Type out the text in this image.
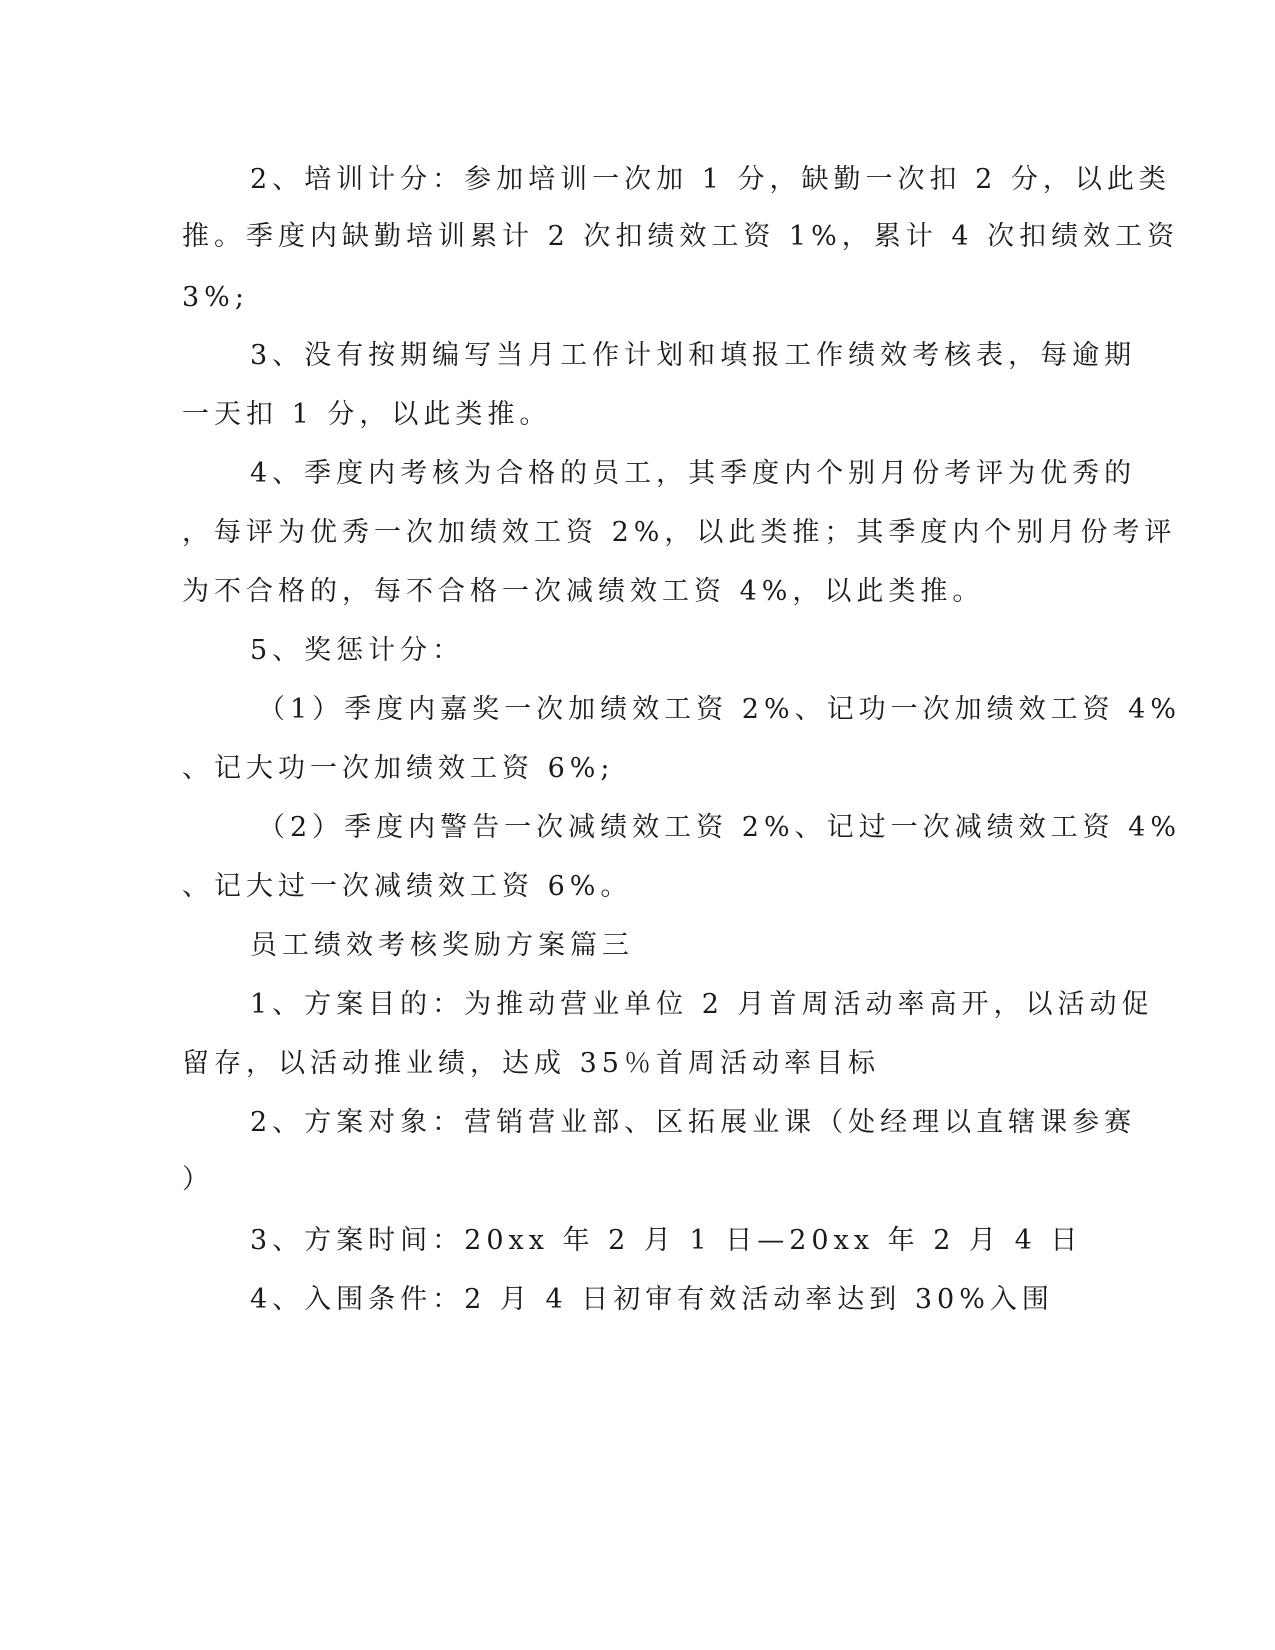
2、培训计分：参加培训一次加 1 分，缺勤一次扣 2 分，以此类
推。季度内缺勤培训累计 2 次扣绩效工资 1%，累计 4 次扣绩效工资
3%;
3、没有按期编写当月工作计划和填报工作绩效考核表，每逾期
一天扣 1 分，以此类推。
4、季度内考核为合格的员工，其季度内个别月份考评为优秀的
，每评为优秀一次加绩效工资 2%，以此类推；其季度内个别月份考评
为不合格的，每不合格一次减绩效工资 4%，以此类推。
5、奖惩计分：
（1）季度内嘉奖一次加绩效工资 2%、记功一次加绩效工资 4%
、记大功一次加绩效工资 6%;
（2）季度内警告一次减绩效工资 2%、记过一次减绩效工资 4%
、记大过一次减绩效工资 6%。
员工绩效考核奖励方案篇三
1、方案目的：为推动营业单位 2 月首周活动率高开，以活动促
留存，以活动推业绩，达成 35％首周活动率目标
2、方案对象：营销营业部、区拓展业课（处经理以直辖课参赛
）
3、方案时间：20xx 年 2 月 1 日—20xx 年 2 月 4 日
4、入围条件：2 月 4 日初审有效活动率达到 30%入围
